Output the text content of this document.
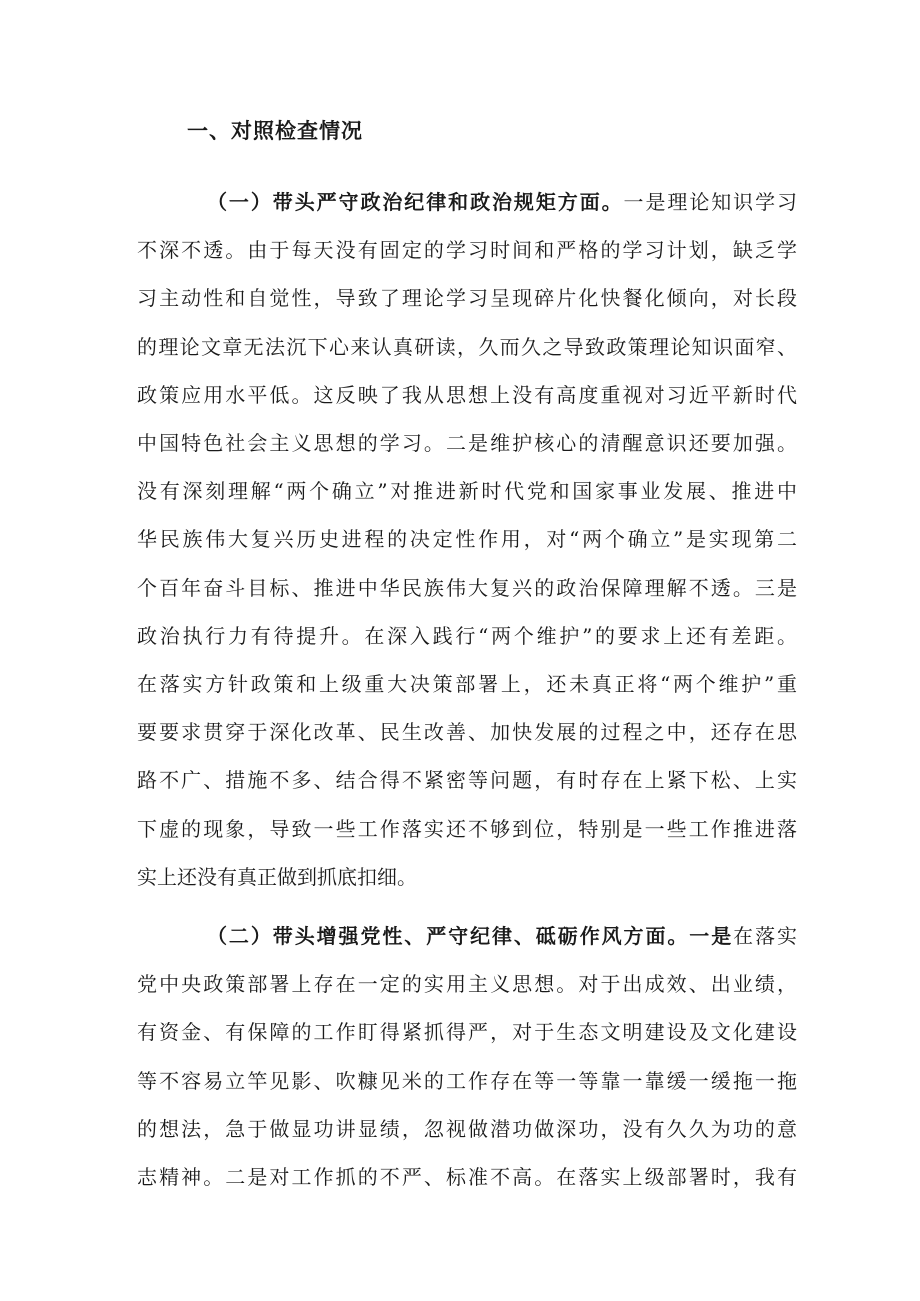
一、对照检查情况
（一）带头严守政治纪律和政治规矩方面。一是理论知识学习
不深不透。由于每天没有固定的学习时间和严格的学习计划，缺乏学
习主动性和自觉性，导致了理论学习呈现碎片化快餐化倾向，对长段
的理论文章无法沉下心来认真研读，久而久之导致政策理论知识面窄、
政策应用水平低。这反映了我从思想上没有高度重视对习近平新时代
中国特色社会主义思想的学习。二是维护核心的清醒意识还要加强。
没有深刻理解“两个确立”对推进新时代党和国家事业发展、推进中
华民族伟大复兴历史进程的决定性作用，对“两个确立”是实现第二
个百年奋斗目标、推进中华民族伟大复兴的政治保障理解不透。三是
政治执行力有待提升。在深入践行“两个维护”的要求上还有差距。
在落实方针政策和上级重大决策部署上，还未真正将“两个维护”重
要要求贯穿于深化改革、民生改善、加快发展的过程之中，还存在思
路不广、措施不多、结合得不紧密等问题，有时存在上紧下松、上实
下虚的现象，导致一些工作落实还不够到位，特别是一些工作推进落
实上还没有真正做到抓底扣细。
（二）带头增强党性、严守纪律、砥砺作风方面。一是在落实
党中央政策部署上存在一定的实用主义思想。对于出成效、出业绩，
有资金、有保障的工作盯得紧抓得严，对于生态文明建设及文化建设
等不容易立竿见影、吹糠见米的工作存在等一等靠一靠缓一缓拖一拖
的想法，急于做显功讲显绩，忽视做潜功做深功，没有久久为功的意
志精神。二是对工作抓的不严、标准不高。在落实上级部署时，我有
